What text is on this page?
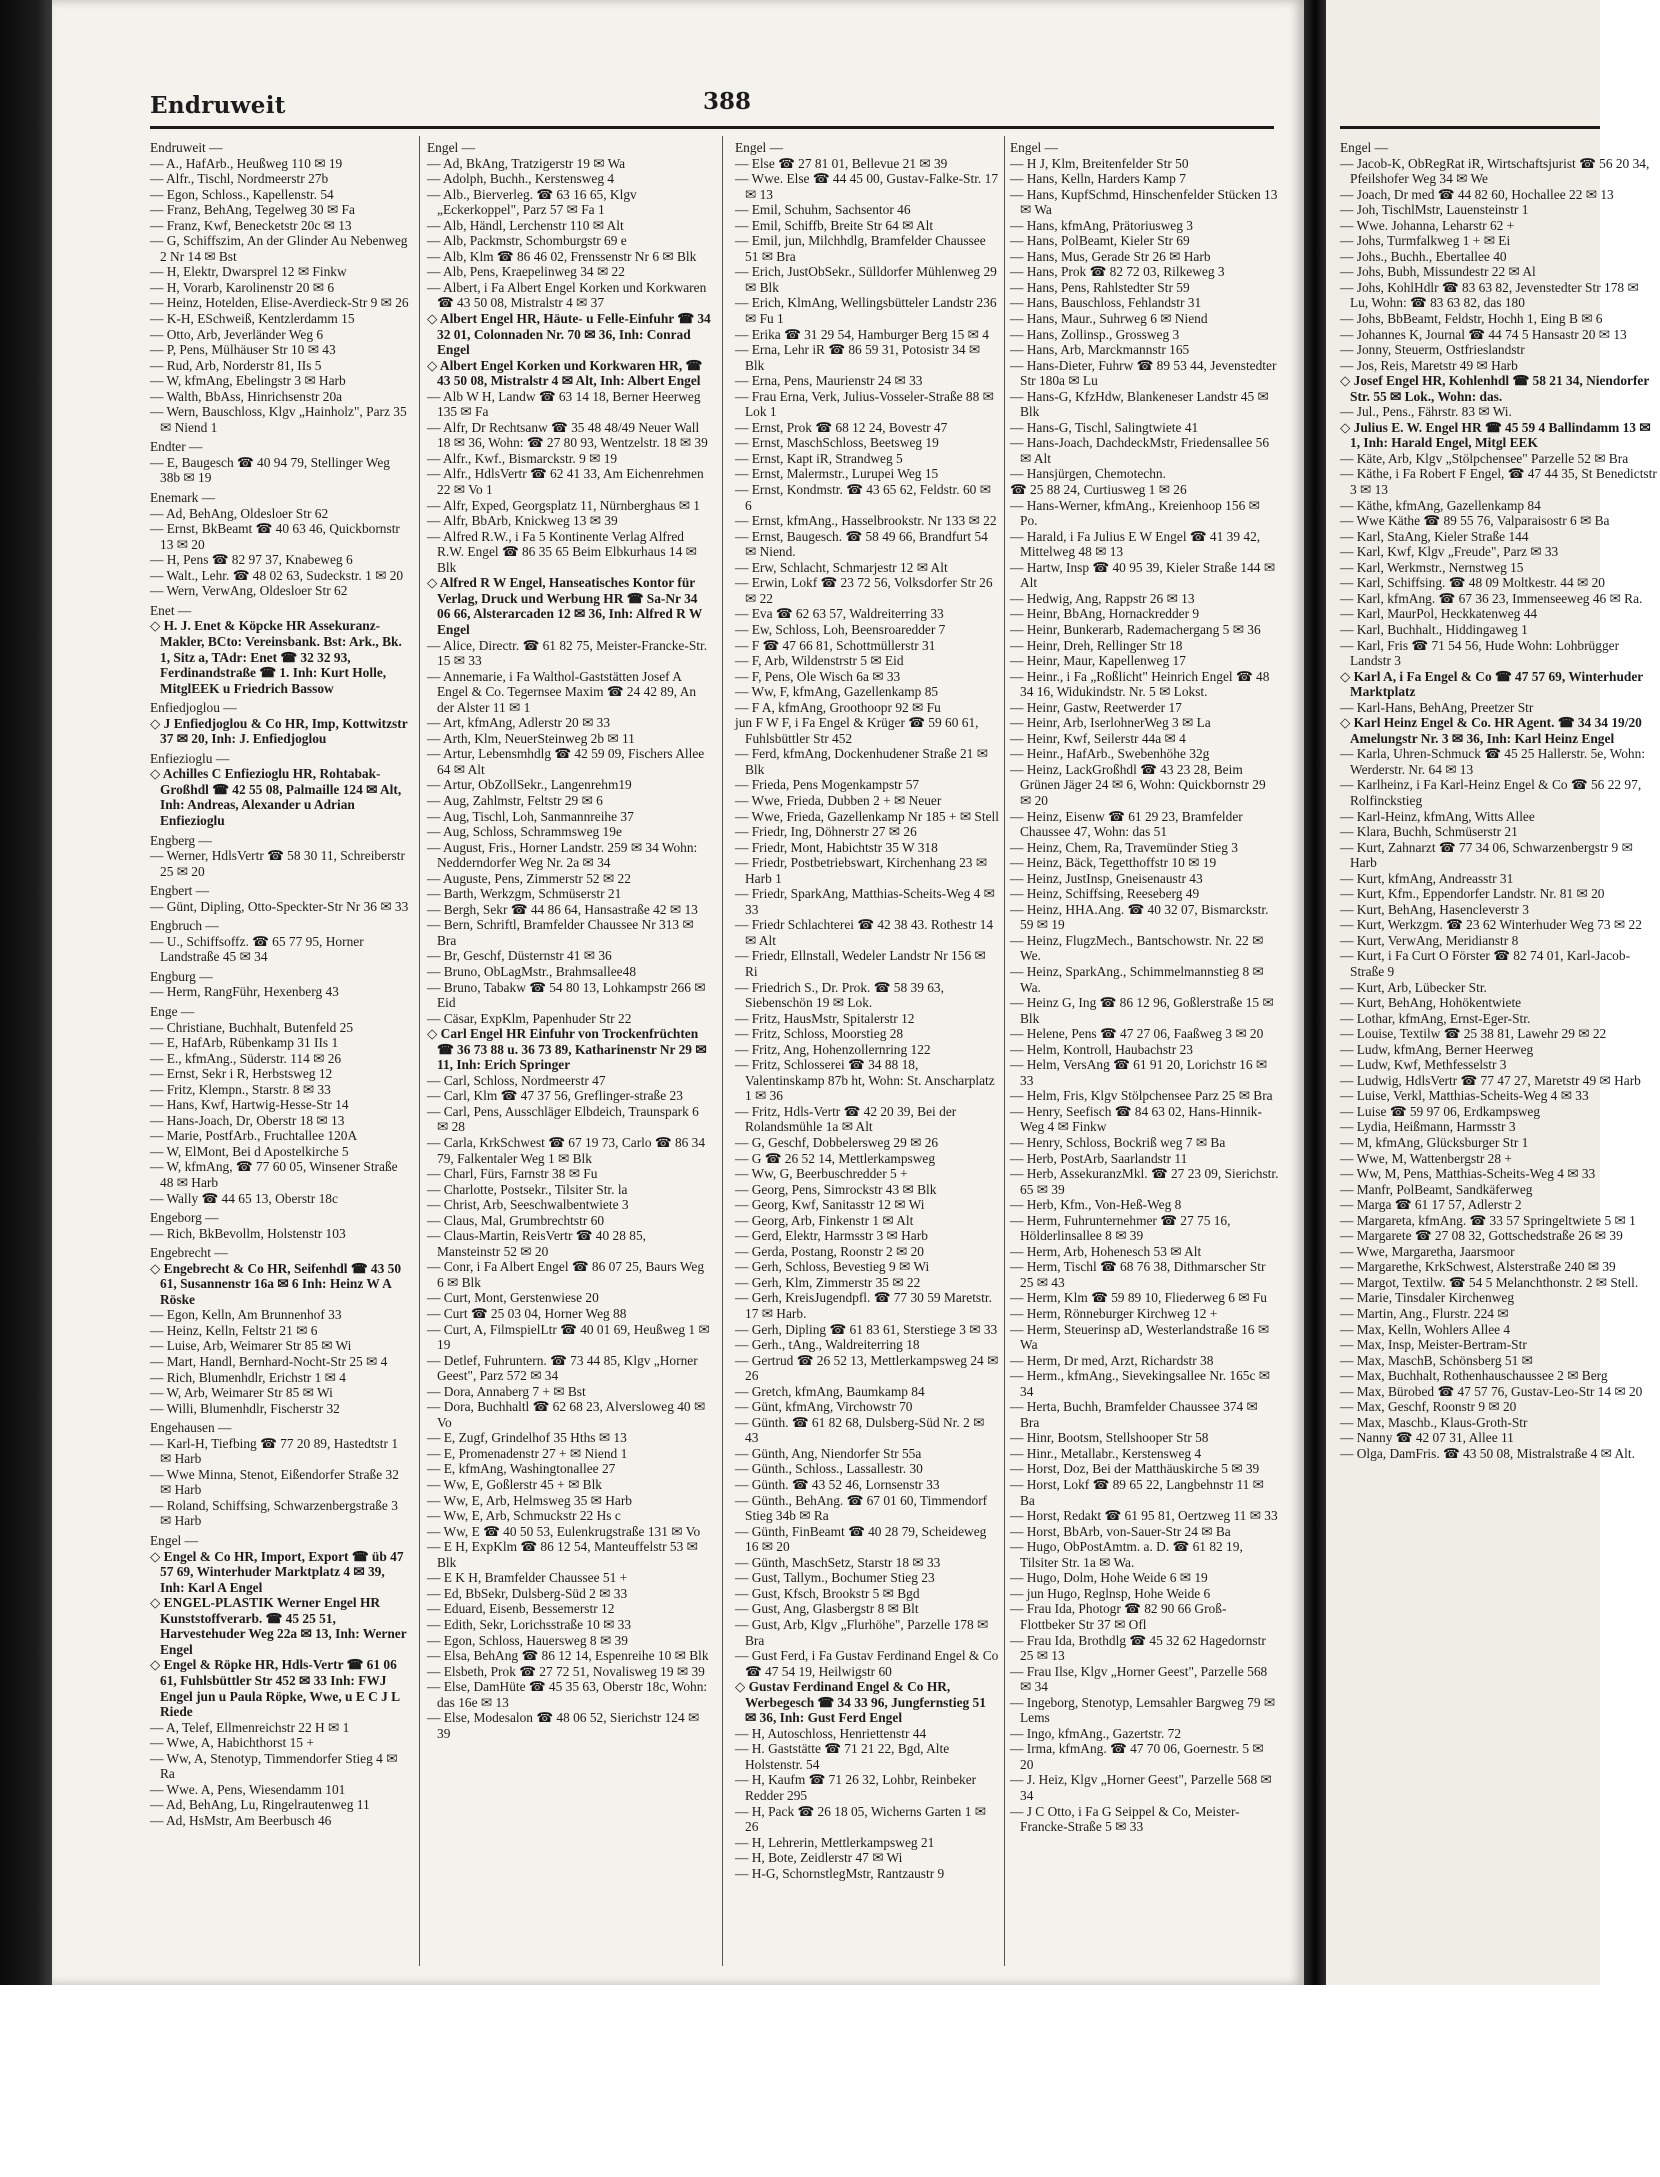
Endruweit	388

Endruweit —

— A., HafArb., Heußweg 110 ✉ 19

— Alfr., Tischl, Nordmeerstr 27b

— Egon, Schloss., Kapellenstr. 54

— Franz, BehAng, Tegelweg 30 ✉ Fa

— Franz, Kwf, Benecketstr 20c ✉ 13

— G, Schiffszim, An der Glinder Au Nebenweg 2 Nr 14 ✉ Bst

— H, Elektr, Dwarsprel 12 ✉ Finkw

— H, Vorarb, Karolinenstr 20 ✉ 6

— Heinz, Hotelden, Elise-Averdieck-Str 9 ✉ 26

— K-H, ESchweiß, Kentzlerdamm 15

— Otto, Arb, Jeverländer Weg 6

— P, Pens, Mülhäuser Str 10 ✉ 43

— Rud, Arb, Norderstr 81, IIs 5

— W, kfmAng, Ebelingstr 3 ✉ Harb

— Walth, BbAss, Hinrichsenstr 20a

— Wern, Bauschloss, Klgv „Hainholz", Parz 35 ✉ Niend 1

Endter —

— E, Baugesch ☎ 40 94 79, Stellinger Weg 38b ✉ 19

Enemark —

— Ad, BehAng, Oldesloer Str 62

— Ernst, BkBeamt ☎ 40 63 46, Quickbornstr 13 ✉ 20

— H, Pens ☎ 82 97 37, Knabeweg 6

— Walt., Lehr. ☎ 48 02 63, Sudeckstr. 1 ✉ 20

— Wern, VerwAng, Oldesloer Str 62

Enet —

◇ H. J. Enet & Köpcke HR Assekuranz-Makler, BCto: Vereinsbank. Bst: Ark., Bk. 1, Sitz a, TAdr: Enet ☎ 32 32 93, Ferdinandstraße ☎ 1. Inh: Kurt Holle, MitglEEK u Friedrich Bassow

Enfiedjoglou —

◇ J Enfiedjoglou & Co HR, Imp, Kottwitzstr 37 ✉ 20, Inh: J. Enfiedjoglou

Enfiezioglu —

◇ Achilles C Enfiezioglu HR, Rohtabak-Großhdl ☎ 42 55 08, Palmaille 124 ✉ Alt, Inh: Andreas, Alexander u Adrian Enfiezioglu

Engberg —

— Werner, HdlsVertr ☎ 58 30 11, Schreiberstr 25 ✉ 20

Engbert —

— Günt, Dipling, Otto-Speckter-Str Nr 36 ✉ 33

Engbruch —

— U., Schiffsoffz. ☎ 65 77 95, Horner Landstraße 45 ✉ 34

Engburg —

— Herm, RangFühr, Hexenberg 43

Enge —

— Christiane, Buchhalt, Butenfeld 25

— E, HafArb, Rübenkamp 31 IIs 1

— E., kfmAng., Süderstr. 114 ✉ 26

— Ernst, Sekr i R, Herbstsweg 12

— Fritz, Klempn., Starstr. 8 ✉ 33

— Hans, Kwf, Hartwig-Hesse-Str 14

— Hans-Joach, Dr, Oberstr 18 ✉ 13

— Marie, PostfArb., Fruchtallee 120A

— W, ElMont, Bei d Apostelkirche 5

— W, kfmAng, ☎ 77 60 05, Winsener Straße 48 ✉ Harb

— Wally ☎ 44 65 13, Oberstr 18c

Engeborg —

— Rich, BkBevollm, Holstenstr 103

Engebrecht —

◇ Engebrecht & Co HR, Seifenhdl ☎ 43 50 61, Susannenstr 16a ✉ 6 Inh: Heinz W A Röske

— Egon, Kelln, Am Brunnenhof 33

— Heinz, Kelln, Feltstr 21 ✉ 6

— Luise, Arb, Weimarer Str 85 ✉ Wi

— Mart, Handl, Bernhard-Nocht-Str 25 ✉ 4

— Rich, Blumenhdlr, Erichstr 1 ✉ 4

— W, Arb, Weimarer Str 85 ✉ Wi

— Willi, Blumenhdlr, Fischerstr 32

Engehausen —

— Karl-H, Tiefbing ☎ 77 20 89, Hastedtstr 1 ✉ Harb

— Wwe Minna, Stenot, Eißendorfer Straße 32 ✉ Harb

— Roland, Schiffsing, Schwarzenbergstraße 3 ✉ Harb

Engel —

◇ Engel & Co HR, Import, Export ☎ üb 47 57 69, Winterhuder Marktplatz 4 ✉ 39, Inh: Karl A Engel

◇ ENGEL-PLASTIK Werner Engel HR Kunststoffverarb. ☎ 45 25 51, Harvestehuder Weg 22a ✉ 13, Inh: Werner Engel

◇ Engel & Röpke HR, Hdls-Vertr ☎ 61 06 61, Fuhlsbüttler Str 452 ✉ 33 Inh: FWJ Engel jun u Paula Röpke, Wwe, u E C J L Riede

— A, Telef, Ellmenreichstr 22 H ✉ 1

— Wwe, A, Habichthorst 15 +

— Ww, A, Stenotyp, Timmendorfer Stieg 4 ✉ Ra

— Wwe. A, Pens, Wiesendamm 101

— Ad, BehAng, Lu, Ringelrautenweg 11

— Ad, HsMstr, Am Beerbusch 46

Engel —

— Ad, BkAng, Tratzigerstr 19 ✉ Wa

— Adolph, Buchh., Kerstensweg 4

— Alb., Bierverleg. ☎ 63 16 65, Klgv „Eckerkoppel", Parz 57 ✉ Fa 1

— Alb, Händl, Lerchenstr 110 ✉ Alt

— Alb, Packmstr, Schomburgstr 69 e

— Alb, Klm ☎ 86 46 02, Frenssenstr Nr 6 ✉ Blk

— Alb, Pens, Kraepelinweg 34 ✉ 22

— Albert, i Fa Albert Engel Korken und Korkwaren ☎ 43 50 08, Mistralstr 4 ✉ 37

◇ Albert Engel HR, Häute- u Felle-Einfuhr ☎ 34 32 01, Colonnaden Nr. 70 ✉ 36, Inh: Conrad Engel

◇ Albert Engel Korken und Korkwaren HR, ☎ 43 50 08, Mistralstr 4 ✉ Alt, Inh: Albert Engel

— Alb W H, Landw ☎ 63 14 18, Berner Heerweg 135 ✉ Fa

— Alfr, Dr Rechtsanw ☎ 35 48 48/49 Neuer Wall 18 ✉ 36, Wohn: ☎ 27 80 93, Wentzelstr. 18 ✉ 39

— Alfr., Kwf., Bismarckstr. 9 ✉ 19

— Alfr., HdlsVertr ☎ 62 41 33, Am Eichenrehmen 22 ✉ Vo 1

— Alfr, Exped, Georgsplatz 11, Nürnberghaus ✉ 1

— Alfr, BbArb, Knickweg 13 ✉ 39

— Alfred R.W., i Fa 5 Kontinente Verlag Alfred R.W. Engel ☎ 86 35 65 Beim Elbkurhaus 14 ✉ Blk

◇ Alfred R W Engel, Hanseatisches Kontor für Verlag, Druck und Werbung HR ☎ Sa-Nr 34 06 66, Alsterarcaden 12 ✉ 36, Inh: Alfred R W Engel

— Alice, Directr. ☎ 61 82 75, Meister-Francke-Str. 15 ✉ 33

— Annemarie, i Fa Walthol-Gaststätten Josef A Engel & Co. Tegernsee Maxim ☎ 24 42 89, An der Alster 11 ✉ 1

— Art, kfmAng, Adlerstr 20 ✉ 33

— Arth, Klm, NeuerSteinweg 2b ✉ 11

— Artur, Lebensmhdlg ☎ 42 59 09, Fischers Allee 64 ✉ Alt

— Artur, ObZollSekr., Langenrehm19

— Aug, Zahlmstr, Feltstr 29 ✉ 6

— Aug, Tischl, Loh, Sanmannreihe 37

— Aug, Schloss, Schrammsweg 19e

— August, Fris., Horner Landstr. 259 ✉ 34 Wohn: Nedderndorfer Weg Nr. 2a ✉ 34

— Auguste, Pens, Zimmerstr 52 ✉ 22

— Barth, Werkzgm, Schmüserstr 21

— Bergh, Sekr ☎ 44 86 64, Hansastraße 42 ✉ 13

— Bern, Schriftl, Bramfelder Chaussee Nr 313 ✉ Bra

— Br, Geschf, Düsternstr 41 ✉ 36

— Bruno, ObLagMstr., Brahmsallee48

— Bruno, Tabakw ☎ 54 80 13, Lohkampstr 266 ✉ Eid

— Cäsar, ExpKlm, Papenhuder Str 22

◇ Carl Engel HR Einfuhr von Trockenfrüchten ☎ 36 73 88 u. 36 73 89, Katharinenstr Nr 29 ✉ 11, Inh: Erich Springer

— Carl, Schloss, Nordmeerstr 47

— Carl, Klm ☎ 47 37 56, Greflinger-straße 23

— Carl, Pens, Ausschläger Elbdeich, Traunspark 6 ✉ 28

— Carla, KrkSchwest ☎ 67 19 73, Carlo ☎ 86 34 79, Falkentaler Weg 1 ✉ Blk

— Charl, Fürs, Farnstr 38 ✉ Fu

— Charlotte, Postsekr., Tilsiter Str. la

— Christ, Arb, Seeschwalbentwiete 3

— Claus, Mal, Grumbrechtstr 60

— Claus-Martin, ReisVertr ☎ 40 28 85, Mansteinstr 52 ✉ 20

— Conr, i Fa Albert Engel ☎ 86 07 25, Baurs Weg 6 ✉ Blk

— Curt, Mont, Gerstenwiese 20

— Curt ☎ 25 03 04, Horner Weg 88

— Curt, A, FilmspielLtr ☎ 40 01 69, Heußweg 1 ✉ 19

— Detlef, Fuhruntern. ☎ 73 44 85, Klgv „Horner Geest", Parz 572 ✉ 34

— Dora, Annaberg 7 + ✉ Bst

— Dora, Buchhaltl ☎ 62 68 23, Alversloweg 40 ✉ Vo

— E, Zugf, Grindelhof 35 Hths ✉ 13

— E, Promenadenstr 27 + ✉ Niend 1

— E, kfmAng, Washingtonallee 27

— Ww, E, Goßlerstr 45 + ✉ Blk

— Ww, E, Arb, Helmsweg 35 ✉ Harb

— Ww, E, Arb, Schmuckstr 22 Hs c

— Ww, E ☎ 40 50 53, Eulenkrugstraße 131 ✉ Vo

— E H, ExpKlm ☎ 86 12 54, Manteuffelstr 53 ✉ Blk

— E K H, Bramfelder Chaussee 51 +

— Ed, BbSekr, Dulsberg-Süd 2 ✉ 33

— Eduard, Eisenb, Bessemerstr 12

— Edith, Sekr, Lorichsstraße 10 ✉ 33

— Egon, Schloss, Hauersweg 8 ✉ 39

— Elsa, BehAng ☎ 86 12 14, Espenreihe 10 ✉ Blk

— Elsbeth, Prok ☎ 27 72 51, Novalisweg 19 ✉ 39

— Else, DamHüte ☎ 45 35 63, Oberstr 18c, Wohn: das 16e ✉ 13

— Else, Modesalon ☎ 48 06 52, Sierichstr 124 ✉ 39

Engel —

— Else ☎ 27 81 01, Bellevue 21 ✉ 39

— Wwe. Else ☎ 44 45 00, Gustav-Falke-Str. 17 ✉ 13

— Emil, Schuhm, Sachsentor 46

— Emil, Schiffb, Breite Str 64 ✉ Alt

— Emil, jun, Milchhdlg, Bramfelder Chaussee 51 ✉ Bra

— Erich, JustObSekr., Sülldorfer Mühlenweg 29 ✉ Blk

— Erich, KlmAng, Wellingsbütteler Landstr 236 ✉ Fu 1

— Erika ☎ 31 29 54, Hamburger Berg 15 ✉ 4

— Erna, Lehr iR ☎ 86 59 31, Potosistr 34 ✉ Blk

— Erna, Pens, Maurienstr 24 ✉ 33

— Frau Erna, Verk, Julius-Vosseler-Straße 88 ✉ Lok 1

— Ernst, Prok ☎ 68 12 24, Bovestr 47

— Ernst, MaschSchloss, Beetsweg 19

— Ernst, Kapt iR, Strandweg 5

— Ernst, Malermstr., Lurupei Weg 15

— Ernst, Kondmstr. ☎ 43 65 62, Feldstr. 60 ✉ 6

— Ernst, kfmAng., Hasselbrookstr. Nr 133 ✉ 22

— Ernst, Baugesch. ☎ 58 49 66, Brandfurt 54 ✉ Niend.

— Erw, Schlacht, Schmarjestr 12 ✉ Alt

— Erwin, Lokf ☎ 23 72 56, Volksdorfer Str 26 ✉ 22

— Eva ☎ 62 63 57, Waldreiterring 33

— Ew, Schloss, Loh, Beensroaredder 7

— F ☎ 47 66 81, Schottmüllerstr 31

— F, Arb, Wildenstrstr 5 ✉ Eid

— F, Pens, Ole Wisch 6a ✉ 33

— Ww, F, kfmAng, Gazellenkamp 85

— F A, kfmAng, Groothoopr 92 ✉ Fu

jun F W F, i Fa Engel & Krüger ☎ 59 60 61, Fuhlsbüttler Str 452

— Ferd, kfmAng, Dockenhudener Straße 21 ✉ Blk

— Frieda, Pens Mogenkampstr 57

— Wwe, Frieda, Dubben 2 + ✉ Neuer

— Wwe, Frieda, Gazellenkamp Nr 185 + ✉ Stell

— Friedr, Ing, Döhnerstr 27 ✉ 26

— Friedr, Mont, Habichtstr 35 W 318

— Friedr, Postbetriebswart, Kirchenhang 23 ✉ Harb 1

— Friedr, SparkAng, Matthias-Scheits-Weg 4 ✉ 33

— Friedr Schlachterei ☎ 42 38 43. Rothestr 14 ✉ Alt

— Friedr, Ellnstall, Wedeler Landstr Nr 156 ✉ Ri

— Friedrich S., Dr. Prok. ☎ 58 39 63, Siebenschön 19 ✉ Lok.

— Fritz, HausMstr, Spitalerstr 12

— Fritz, Schloss, Moorstieg 28

— Fritz, Ang, Hohenzollernring 122

— Fritz, Schlosserei ☎ 34 88 18, Valentinskamp 87b ht, Wohn: St. Anscharplatz 1 ✉ 36

— Fritz, Hdls-Vertr ☎ 42 20 39, Bei der Rolandsmühle 1a ✉ Alt

— G, Geschf, Dobbelersweg 29 ✉ 26

— G ☎ 26 52 14, Mettlerkampsweg

— Ww, G, Beerbuschredder 5 +

— Georg, Pens, Simrockstr 43 ✉ Blk

— Georg, Kwf, Sanitasstr 12 ✉ Wi

— Georg, Arb, Finkenstr 1 ✉ Alt

— Gerd, Elektr, Harmsstr 3 ✉ Harb

— Gerda, Postang, Roonstr 2 ✉ 20

— Gerh, Schloss, Bevestieg 9 ✉ Wi

— Gerh, Klm, Zimmerstr 35 ✉ 22

— Gerh, KreisJugendpfl. ☎ 77 30 59 Maretstr. 17 ✉ Harb.

— Gerh, Dipling ☎ 61 83 61, Sterstiege 3 ✉ 33

— Gerh., tAng., Waldreiterring 18

— Gertrud ☎ 26 52 13, Mettlerkampsweg 24 ✉ 26

— Gretch, kfmAng, Baumkamp 84

— Günt, kfmAng, Virchowstr 70

— Günth. ☎ 61 82 68, Dulsberg-Süd Nr. 2 ✉ 43

— Günth, Ang, Niendorfer Str 55a

— Günth., Schloss., Lassallestr. 30

— Günth. ☎ 43 52 46, Lornsenstr 33

— Günth., BehAng. ☎ 67 01 60, Timmendorf Stieg 34b ✉ Ra

— Günth, FinBeamt ☎ 40 28 79, Scheideweg 16 ✉ 20

— Günth, MaschSetz, Starstr 18 ✉ 33

— Gust, Tallym., Bochumer Stieg 23

— Gust, Kfsch, Brookstr 5 ✉ Bgd

— Gust, Ang, Glasbergstr 8 ✉ Blt

— Gust, Arb, Klgv „Flurhöhe", Parzelle 178 ✉ Bra

— Gust Ferd, i Fa Gustav Ferdinand Engel & Co ☎ 47 54 19, Heilwigstr 60

◇ Gustav Ferdinand Engel & Co HR, Werbegesch ☎ 34 33 96, Jungfernstieg 51 ✉ 36, Inh: Gust Ferd Engel

— H, Autoschloss, Henriettenstr 44

— H. Gaststätte ☎ 71 21 22, Bgd, Alte Holstenstr. 54

— H, Kaufm ☎ 71 26 32, Lohbr, Reinbeker Redder 295

— H, Pack ☎ 26 18 05, Wicherns Garten 1 ✉ 26

— H, Lehrerin, Mettlerkampsweg 21

— H, Bote, Zeidlerstr 47 ✉ Wi

— H-G, SchornstlegMstr, Rantzaustr 9

Engel —

— H J, Klm, Breitenfelder Str 50

— Hans, Kelln, Harders Kamp 7

— Hans, KupfSchmd, Hinschenfelder Stücken 13 ✉ Wa

— Hans, kfmAng, Prätoriusweg 3

— Hans, PolBeamt, Kieler Str 69

— Hans, Mus, Gerade Str 26 ✉ Harb

— Hans, Prok ☎ 82 72 03, Rilkeweg 3

— Hans, Pens, Rahlstedter Str 59

— Hans, Bauschloss, Fehlandstr 31

— Hans, Maur., Suhrweg 6 ✉ Niend

— Hans, Zollinsp., Grossweg 3

— Hans, Arb, Marckmannstr 165

— Hans-Dieter, Fuhrw ☎ 89 53 44, Jevenstedter Str 180a ✉ Lu

— Hans-G, KfzHdw, Blankeneser Landstr 45 ✉ Blk

— Hans-G, Tischl, Salingtwiete 41

— Hans-Joach, DachdeckMstr, Friedensallee 56 ✉ Alt

— Hansjürgen, Chemotechn.

☎ 25 88 24, Curtiusweg 1 ✉ 26

— Hans-Werner, kfmAng., Kreienhoop 156 ✉ Po.

— Harald, i Fa Julius E W Engel ☎ 41 39 42, Mittelweg 48 ✉ 13

— Hartw, Insp ☎ 40 95 39, Kieler Straße 144 ✉ Alt

— Hedwig, Ang, Rappstr 26 ✉ 13

— Heinr, BbAng, Hornackredder 9

— Heinr, Bunkerarb, Rademachergang 5 ✉ 36

— Heinr, Dreh, Rellinger Str 18

— Heinr, Maur, Kapellenweg 17

— Heinr., i Fa „Roßlicht" Heinrich Engel ☎ 48 34 16, Widukindstr. Nr. 5 ✉ Lokst.

— Heinr, Gastw, Reetwerder 17

— Heinr, Arb, IserlohnerWeg 3 ✉ La

— Heinr, Kwf, Seilerstr 44a ✉ 4

— Heinr., HafArb., Swebenhöhe 32g

— Heinz, LackGroßhdl ☎ 43 23 28, Beim Grünen Jäger 24 ✉ 6, Wohn: Quickbornstr 29 ✉ 20

— Heinz, Eisenw ☎ 61 29 23, Bramfelder Chaussee 47, Wohn: das 51

— Heinz, Chem, Ra, Travemünder Stieg 3

— Heinz, Bäck, Tegetthoffstr 10 ✉ 19

— Heinz, JustInsp, Gneisenaustr 43

— Heinz, Schiffsing, Reeseberg 49

— Heinz, HHA.Ang. ☎ 40 32 07, Bismarckstr. 59 ✉ 19

— Heinz, FlugzMech., Bantschowstr. Nr. 22 ✉ We.

— Heinz, SparkAng., Schimmelmannstieg 8 ✉ Wa.

— Heinz G, Ing ☎ 86 12 96, Goßlerstraße 15 ✉ Blk

— Helene, Pens ☎ 47 27 06, Faaßweg 3 ✉ 20

— Helm, Kontroll, Haubachstr 23

— Helm, VersAng ☎ 61 91 20, Lorichstr 16 ✉ 33

— Helm, Fris, Klgv Stölpchensee Parz 25 ✉ Bra

— Henry, Seefisch ☎ 84 63 02, Hans-Hinnik-Weg 4 ✉ Finkw

— Henry, Schloss, Bockriß weg 7 ✉ Ba

— Herb, PostArb, Saarlandstr 11

— Herb, AssekuranzMkl. ☎ 27 23 09, Sierichstr. 65 ✉ 39

— Herb, Kfm., Von-Heß-Weg 8

— Herm, Fuhrunternehmer ☎ 27 75 16, Hölderlinsallee 8 ✉ 39

— Herm, Arb, Hohenesch 53 ✉ Alt

— Herm, Tischl ☎ 68 76 38, Dithmarscher Str 25 ✉ 43

— Herm, Klm ☎ 59 89 10, Fliederweg 6 ✉ Fu

— Herm, Rönneburger Kirchweg 12 +

— Herm, Steuerinsp aD, Westerlandstraße 16 ✉ Wa

— Herm, Dr med, Arzt, Richardstr 38

— Herm., kfmAng., Sievekingsallee Nr. 165c ✉ 34

— Herta, Buchh, Bramfelder Chaussee 374 ✉ Bra

— Hinr, Bootsm, Stellshooper Str 58

— Hinr., Metallabr., Kerstensweg 4

— Horst, Doz, Bei der Matthäuskirche 5 ✉ 39

— Horst, Lokf ☎ 89 65 22, Langbehnstr 11 ✉ Ba

— Horst, Redakt ☎ 61 95 81, Oertzweg 11 ✉ 33

— Horst, BbArb, von-Sauer-Str 24 ✉ Ba

— Hugo, ObPostAmtm. a. D. ☎ 61 82 19, Tilsiter Str. 1a ✉ Wa.

— Hugo, Dolm, Hohe Weide 6 ✉ 19

— jun Hugo, Reglnsp, Hohe Weide 6

— Frau Ida, Photogr ☎ 82 90 66 Groß-Flottbeker Str 37 ✉ Ofl

— Frau Ida, Brothdlg ☎ 45 32 62 Hagedornstr 25 ✉ 13

— Frau Ilse, Klgv „Horner Geest", Parzelle 568 ✉ 34

— Ingeborg, Stenotyp, Lemsahler Bargweg 79 ✉ Lems

— Ingo, kfmAng., Gazertstr. 72

— Irma, kfmAng. ☎ 47 70 06, Goernestr. 5 ✉ 20

— J. Heiz, Klgv „Horner Geest", Parzelle 568 ✉ 34

— J C Otto, i Fa G Seippel & Co, Meister-Francke-Straße 5 ✉ 33

Engel —

— Jacob-K, ObRegRat iR, Wirtschaftsjurist ☎ 56 20 34, Pfeilshofer Weg 34 ✉ We

— Joach, Dr med ☎ 44 82 60, Hochallee 22 ✉ 13

— Joh, TischlMstr, Lauensteinstr 1

— Wwe. Johanna, Leharstr 62 +

— Johs, Turmfalkweg 1 + ✉ Ei

— Johs., Buchh., Ebertallee 40

— Johs, Bubh, Missundestr 22 ✉ Al

— Johs, KohlHdlr ☎ 83 63 82, Jevenstedter Str 178 ✉ Lu, Wohn: ☎ 83 63 82, das 180

— Johs, BbBeamt, Feldstr, Hochh 1, Eing B ✉ 6

— Johannes K, Journal ☎ 44 74 5 Hansastr 20 ✉ 13

— Jonny, Steuerm, Ostfrieslandstr

— Jos, Reis, Maretstr 49 ✉ Harb

◇ Josef Engel HR, Kohlenhdl ☎ 58 21 34, Niendorfer Str. 55 ✉ Lok., Wohn: das.

— Jul., Pens., Fährstr. 83 ✉ Wi.

◇ Julius E. W. Engel HR ☎ 45 59 4 Ballindamm 13 ✉ 1, Inh: Harald Engel, Mitgl EEK

— Käte, Arb, Klgv „Stölpchensee" Parzelle 52 ✉ Bra

— Käthe, i Fa Robert F Engel, ☎ 47 44 35, St Benedictstr 3 ✉ 13

— Käthe, kfmAng, Gazellenkamp 84

— Wwe Käthe ☎ 89 55 76, Valparaisostr 6 ✉ Ba

— Karl, StaAng, Kieler Straße 144

— Karl, Kwf, Klgv „Freude", Parz ✉ 33

— Karl, Werkmstr., Nernstweg 15

— Karl, Schiffsing. ☎ 48 09 Moltkestr. 44 ✉ 20

— Karl, kfmAng. ☎ 67 36 23, Immenseeweg 46 ✉ Ra.

— Karl, MaurPol, Heckkatenweg 44

— Karl, Buchhalt., Hiddingaweg 1

— Karl, Fris ☎ 71 54 56, Hude Wohn: Lohbrügger Landstr 3

◇ Karl A, i Fa Engel & Co ☎ 47 57 69, Winterhuder Marktplatz

— Karl-Hans, BehAng, Preetzer Str

◇ Karl Heinz Engel & Co. HR Agent. ☎ 34 34 19/20 Amelungstr Nr. 3 ✉ 36, Inh: Karl Heinz Engel

— Karla, Uhren-Schmuck ☎ 45 25 Hallerstr. 5e, Wohn: Werderstr. Nr. 64 ✉ 13

— Karlheinz, i Fa Karl-Heinz Engel & Co ☎ 56 22 97, Rolfinckstieg

— Karl-Heinz, kfmAng, Witts Allee

— Klara, Buchh, Schmüserstr 21

— Kurt, Zahnarzt ☎ 77 34 06, Schwarzenbergstr 9 ✉ Harb

— Kurt, kfmAng, Andreasstr 31

— Kurt, Kfm., Eppendorfer Landstr. Nr. 81 ✉ 20

— Kurt, BehAng, Hasencleverstr 3

— Kurt, Werkzgm. ☎ 23 62 Winterhuder Weg 73 ✉ 22

— Kurt, VerwAng, Meridianstr 8

— Kurt, i Fa Curt O Förster ☎ 82 74 01, Karl-Jacob-Straße 9

— Kurt, Arb, Lübecker Str.

— Kurt, BehAng, Hohökentwiete

— Lothar, kfmAng, Ernst-Eger-Str.

— Louise, Textilw ☎ 25 38 81, Lawehr 29 ✉ 22

— Ludw, kfmAng, Berner Heerweg

— Ludw, Kwf, Methfesselstr 3

— Ludwig, HdlsVertr ☎ 77 47 27, Maretstr 49 ✉ Harb

— Luise, Verkl, Matthias-Scheits-Weg 4 ✉ 33

— Luise ☎ 59 97 06, Erdkampsweg

— Lydia, Heißmann, Harmsstr 3

— M, kfmAng, Glücksburger Str 1

— Wwe, M, Wattenbergstr 28 +

— Ww, M, Pens, Matthias-Scheits-Weg 4 ✉ 33

— Manfr, PolBeamt, Sandkäferweg

— Marga ☎ 61 17 57, Adlerstr 2

— Margareta, kfmAng. ☎ 33 57 Springeltwiete 5 ✉ 1

— Margarete ☎ 27 08 32, Gottschedstraße 26 ✉ 39

— Wwe, Margaretha, Jaarsmoor

— Margarethe, KrkSchwest, Alsterstraße 240 ✉ 39

— Margot, Textilw. ☎ 54 5 Melanchthonstr. 2 ✉ Stell.

— Marie, Tinsdaler Kirchenweg

— Martin, Ang., Flurstr. 224 ✉

— Max, Kelln, Wohlers Allee 4

— Max, Insp, Meister-Bertram-Str

— Max, MaschB, Schönsberg 51 ✉

— Max, Buchhalt, Rothenhauschaussee 2 ✉ Berg

— Max, Bürobed ☎ 47 57 76, Gustav-Leo-Str 14 ✉ 20

— Max, Geschf, Roonstr 9 ✉ 20

— Max, Maschb., Klaus-Groth-Str

— Nanny ☎ 42 07 31, Allee 11

— Olga, DamFris. ☎ 43 50 08, Mistralstraße 4 ✉ Alt.
